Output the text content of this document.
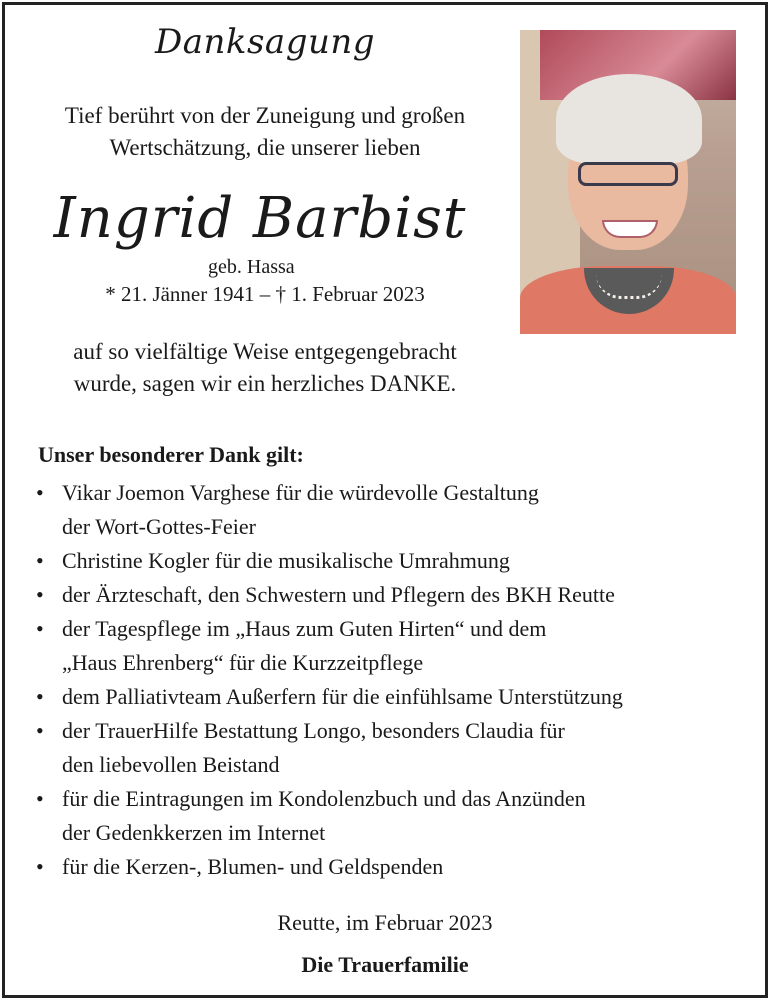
Danksagung
Tief berührt von der Zuneigung und großen
Wertschätzung, die unserer lieben
Ingrid Barbist
geb. Hassa
* 21. Jänner 1941 – † 1. Februar 2023
auf so vielfältige Weise entgegengebracht
wurde, sagen wir ein herzliches DANKE.
Unser besonderer Dank gilt:
• Vikar Joemon Varghese für die würdevolle Gestaltung
der Wort-Gottes-Feier
• Christine Kogler für die musikalische Umrahmung
• der Ärzteschaft, den Schwestern und Pflegern des BKH Reutte
• der Tagespflege im „Haus zum Guten Hirten“ und dem
„Haus Ehrenberg“ für die Kurzzeitpflege
• dem Palliativteam Außerfern für die einfühlsame Unterstützung
• der TrauerHilfe Bestattung Longo, besonders Claudia für
den liebevollen Beistand
• für die Eintragungen im Kondolenzbuch und das Anzünden
der Gedenkkerzen im Internet
• für die Kerzen-, Blumen- und Geldspenden
Reutte, im Februar 2023
Die Trauerfamilie
